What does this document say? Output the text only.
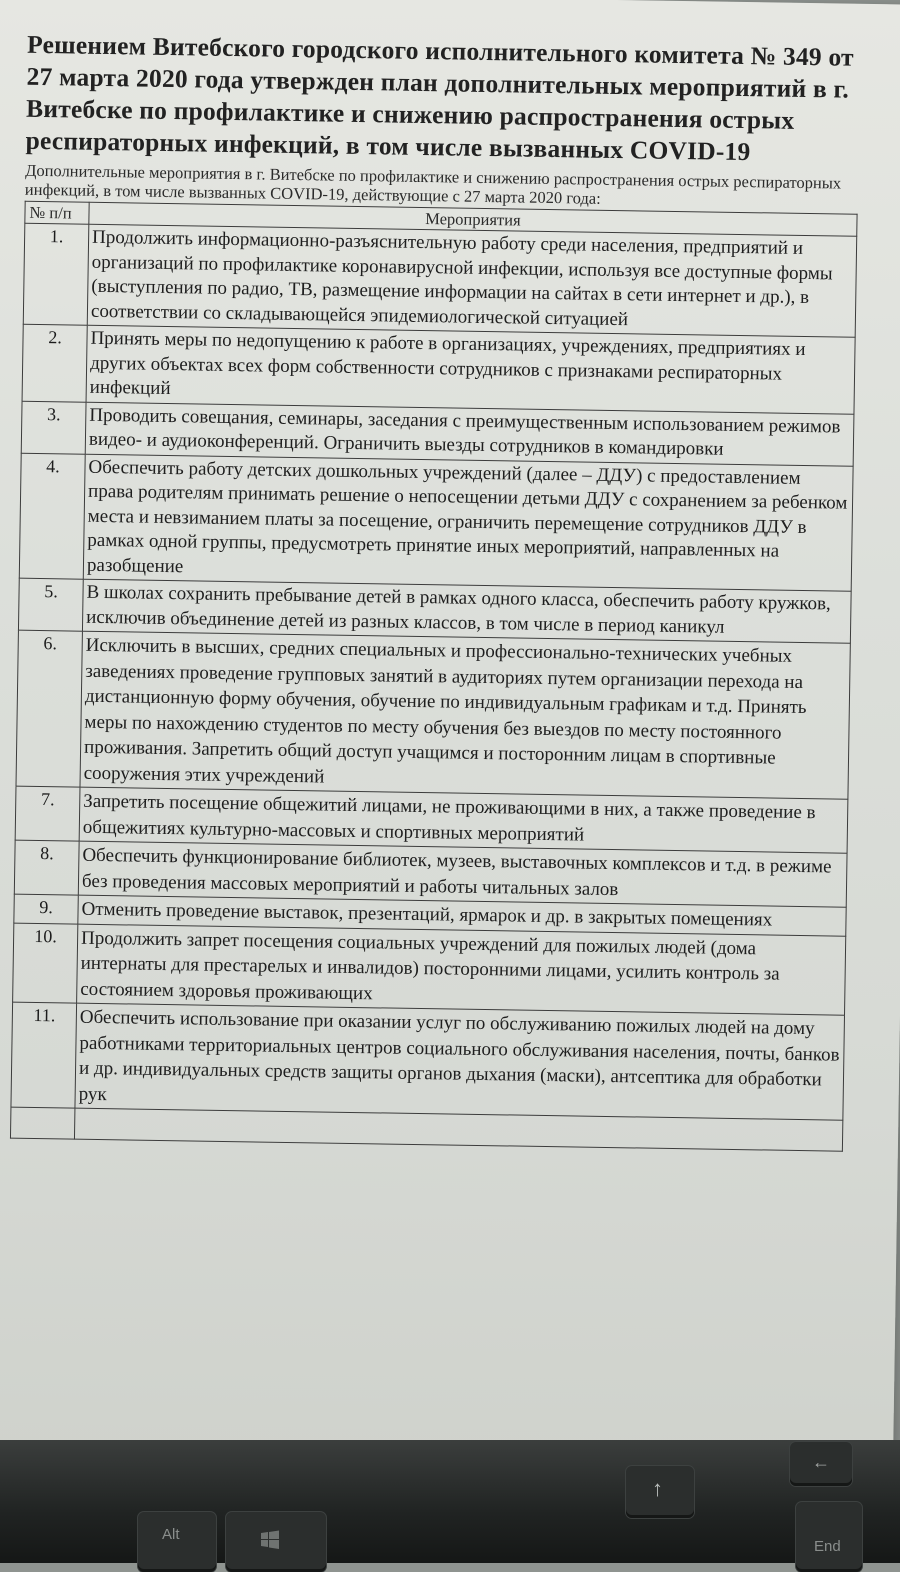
Решением Витебского городского исполнительного комитета № 349 от 27 марта 2020 года утвержден план дополнительных мероприятий в г. Витебске по профилактике и снижению распространения острых респираторных инфекций, в том числе вызванных COVID-19

Дополнительные мероприятия в г. Витебске по профилактике и снижению распространения острых респираторных инфекций, в том числе вызванных COVID-19, действующие с 27 марта 2020 года:

№ п/п	Мероприятия
1.	Продолжить информационно-разъяснительную работу среди населения, предприятий и организаций по профилактике коронавирусной инфекции, используя все доступные формы (выступления по радио, ТВ, размещение информации на сайтах в сети интернет и др.), в соответствии со складывающейся эпидемиологической ситуацией
2.	Принять меры по недопущению к работе в организациях, учреждениях, предприятиях и других объектах всех форм собственности сотрудников с признаками респираторных инфекций
3.	Проводить совещания, семинары, заседания с преимущественным использованием режимов видео- и аудиоконференций. Ограничить выезды сотрудников в командировки
4.	Обеспечить работу детских дошкольных учреждений (далее – ДДУ) с предоставлением права родителям принимать решение о непосещении детьми ДДУ с сохранением за ребенком места и невзиманием платы за посещение, ограничить перемещение сотрудников ДДУ в рамках одной группы, предусмотреть принятие иных мероприятий, направленных на разобщение
5.	В школах сохранить пребывание детей в рамках одного класса, обеспечить работу кружков, исключив объединение детей из разных классов, в том числе в период каникул
6.	Исключить в высших, средних специальных и профессионально-технических учебных заведениях проведение групповых занятий в аудиториях путем организации перехода на дистанционную форму обучения, обучение по индивидуальным графикам и т.д. Принять меры по нахождению студентов по месту обучения без выездов по месту постоянного проживания. Запретить общий доступ учащимся и посторонним лицам в спортивные сооружения этих учреждений
7.	Запретить посещение общежитий лицами, не проживающими в них, а также проведение в общежитиях культурно-массовых и спортивных мероприятий
8.	Обеспечить функционирование библиотек, музеев, выставочных комплексов и т.д. в режиме без проведения массовых мероприятий и работы читальных залов
9.	Отменить проведение выставок, презентаций, ярмарок и др. в закрытых помещениях
10.	Продолжить запрет посещения социальных учреждений для пожилых людей (дома интернаты для престарелых и инвалидов) посторонними лицами, усилить контроль за состоянием здоровья проживающих
11.	Обеспечить использование при оказании услуг по обслуживанию пожилых людей на дому работниками территориальных центров социального обслуживания населения, почты, банков и др. индивидуальных средств защиты органов дыхания (маски), антсептика для обработки рук

Alt
↑
←
End
